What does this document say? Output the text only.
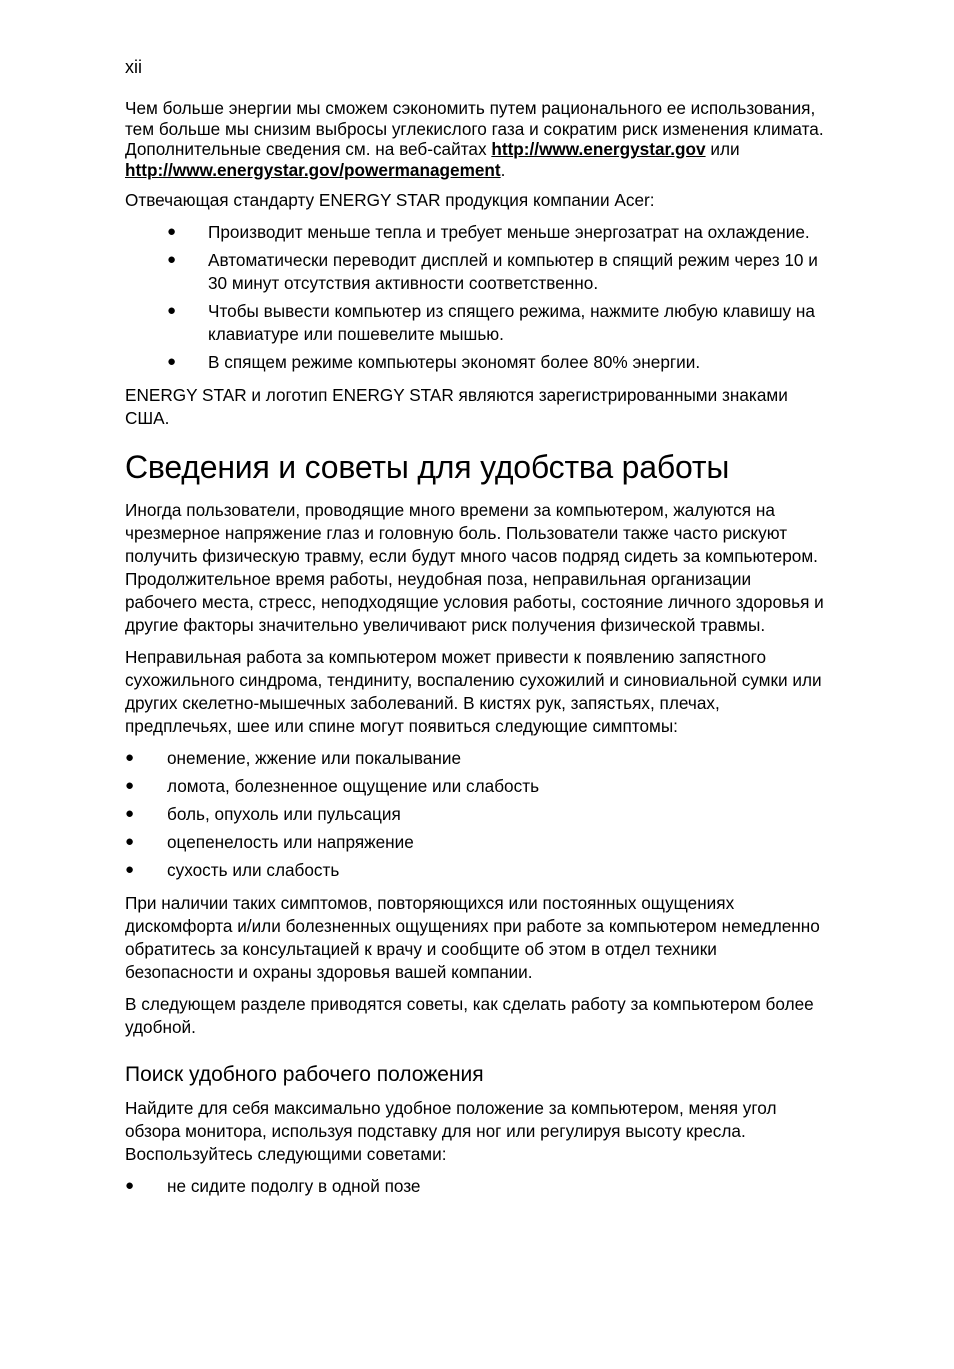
xii

Чем больше энергии мы сможем сэкономить путем рационального ее использования, тем больше мы снизим выбросы углекислого газа и сократим риск изменения климата. Дополнительные сведения см. на веб-сайтах http://www.energystar.gov или http://www.energystar.gov/powermanagement.

Отвечающая стандарту ENERGY STAR продукция компании Acer:

● Производит меньше тепла и требует меньше энергозатрат на охлаждение.
● Автоматически переводит дисплей и компьютер в спящий режим через 10 и 30 минут отсутствия активности соответственно.
● Чтобы вывести компьютер из спящего режима, нажмите любую клавишу на клавиатуре или пошевелите мышью.
● В спящем режиме компьютеры экономят более 80% энергии.

ENERGY STAR и логотип ENERGY STAR являются зарегистрированными знаками США.

Сведения и советы для удобства работы

Иногда пользователи, проводящие много времени за компьютером, жалуются на чрезмерное напряжение глаз и головную боль. Пользователи также часто рискуют получить физическую травму, если будут много часов подряд сидеть за компьютером. Продолжительное время работы, неудобная поза, неправильная организации рабочего места, стресс, неподходящие условия работы, состояние личного здоровья и другие факторы значительно увеличивают риск получения физической травмы.

Неправильная работа за компьютером может привести к появлению запястного сухожильного синдрома, тендиниту, воспалению сухожилий и синовиальной сумки или других скелетно-мышечных заболеваний. В кистях рук, запястьях, плечах, предплечьях, шее или спине могут появиться следующие симптомы:

● онемение, жжение или покалывание
● ломота, болезненное ощущение или слабость
● боль, опухоль или пульсация
● оцепенелость или напряжение
● сухость или слабость

При наличии таких симптомов, повторяющихся или постоянных ощущениях дискомфорта и/или болезненных ощущениях при работе за компьютером немедленно обратитесь за консультацией к врачу и сообщите об этом в отдел техники безопасности и охраны здоровья вашей компании.

В следующем разделе приводятся советы, как сделать работу за компьютером более удобной.

Поиск удобного рабочего положения

Найдите для себя максимально удобное положение за компьютером, меняя угол обзора монитора, используя подставку для ног или регулируя высоту кресла. Воспользуйтесь следующими советами:

● не сидите подолгу в одной позе
